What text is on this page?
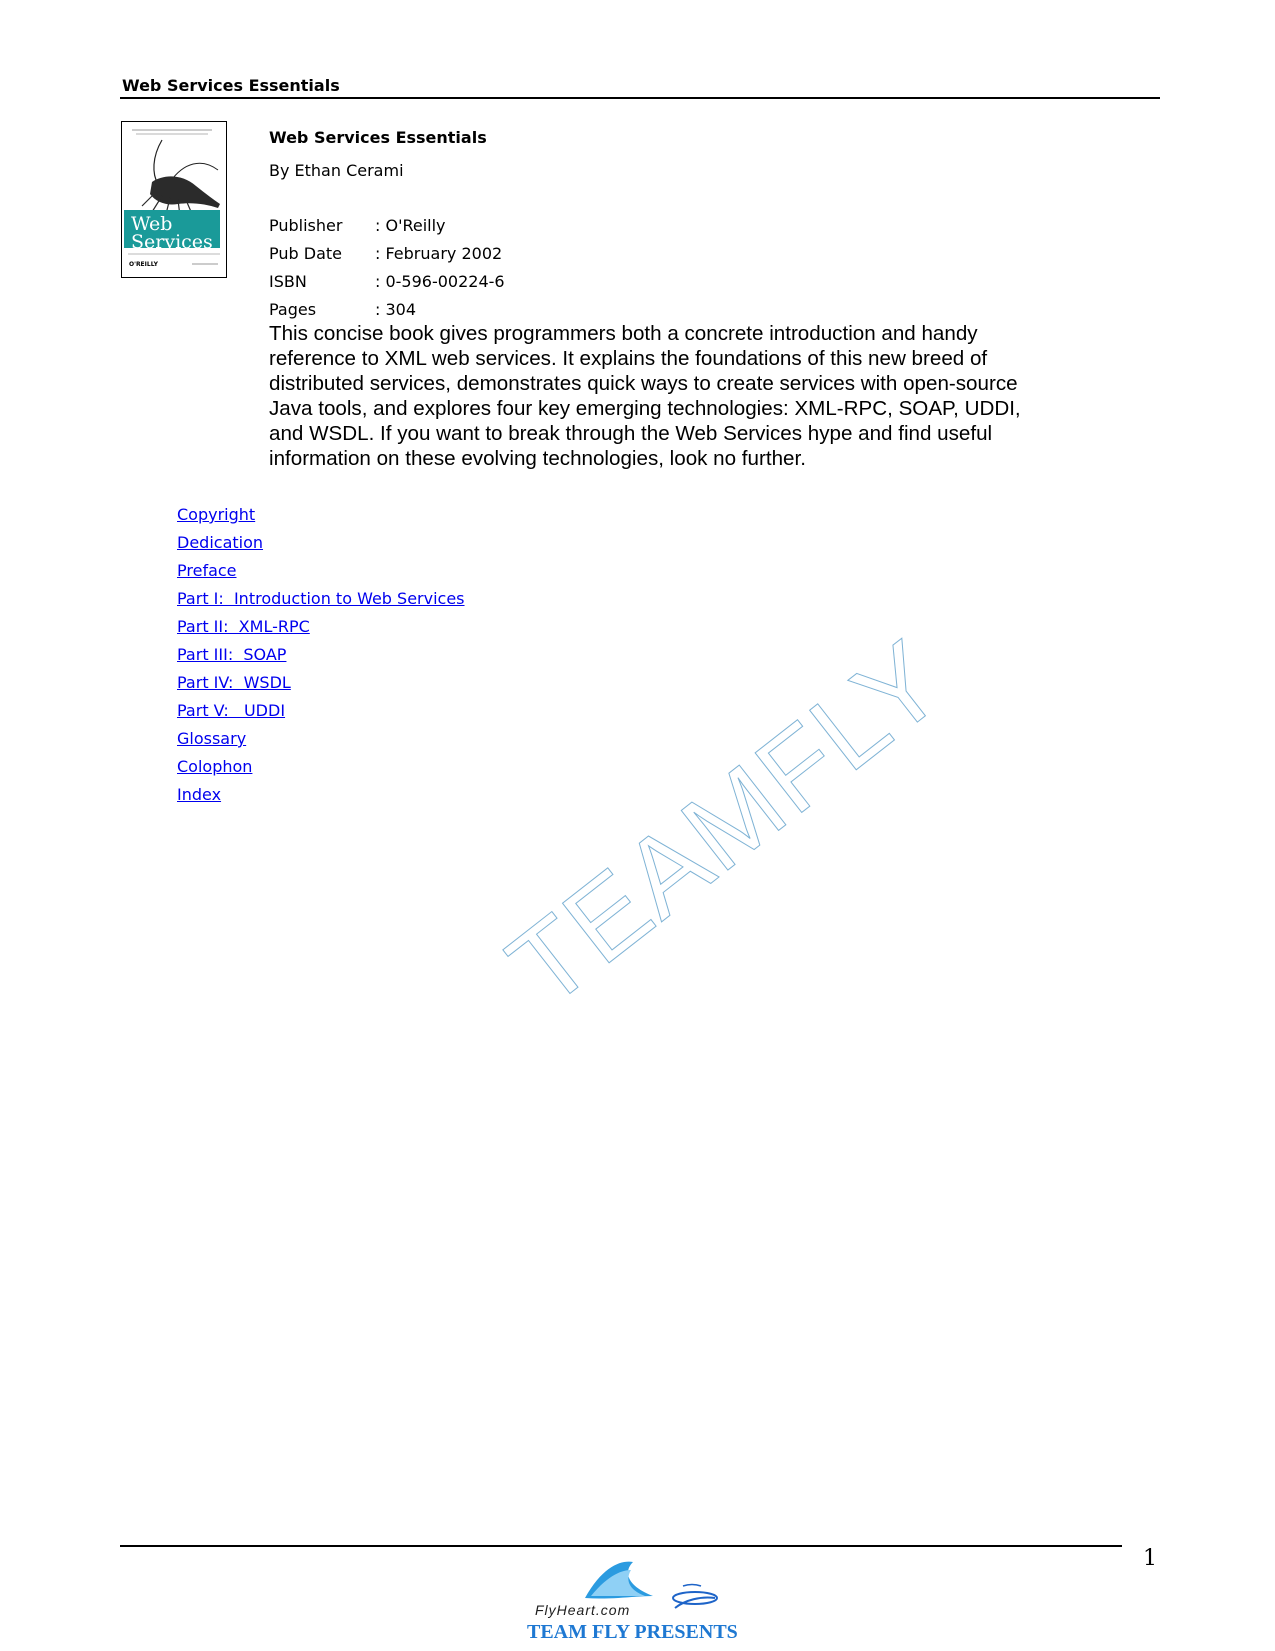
Web Services Essentials
Web
Services
O'REILLY
Web Services Essentials
By Ethan Cerami
Publisher : O'Reilly
Pub Date : February 2002
ISBN	: 0-596-00224-6
Pages	: 304
This concise book gives programmers both a concrete introduction and handy reference to XML web services. It explains the foundations of this new breed of distributed services, demonstrates quick ways to create services with open-source Java tools, and explores four key emerging technologies: XML-RPC, SOAP, UDDI, and WSDL. If you want to break through the Web Services hype and find useful information on these evolving technologies, look no further.
Copyright
Dedication
Preface
Part I:  Introduction to Web Services
Part II:  XML-RPC
Part III:  SOAP
Part IV:  WSDL
Part V:   UDDI
Glossary
Colophon
Index	TEAMFLY
1
FlyHeart.com
TEAM FLY PRESENTS
